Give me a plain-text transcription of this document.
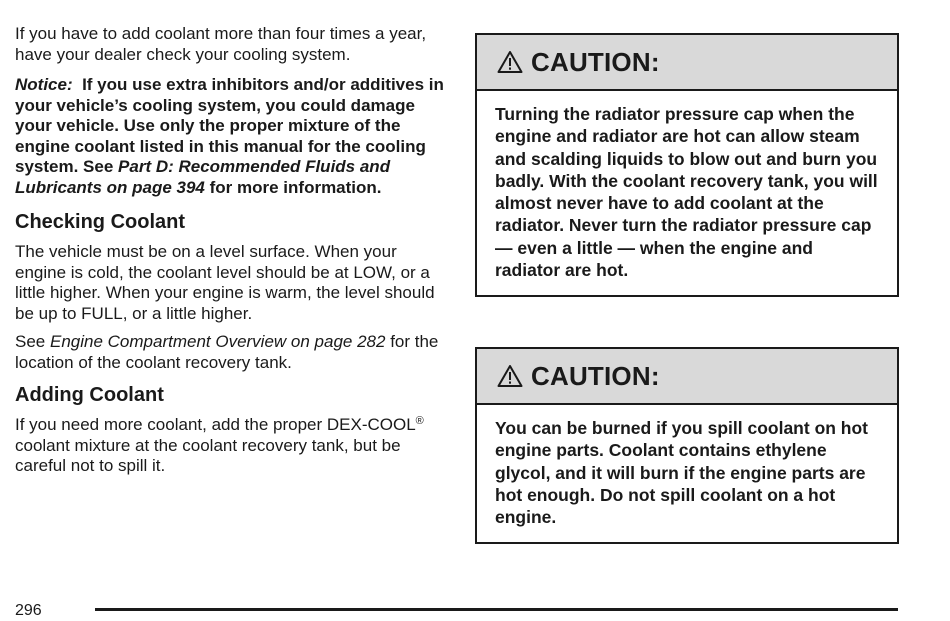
If you have to add coolant more than four times a year, have your dealer check your cooling system.

Notice: If you use extra inhibitors and/or additives in your vehicle’s cooling system, you could damage your vehicle. Use only the proper mixture of the engine coolant listed in this manual for the cooling system. See Part D: Recommended Fluids and Lubricants on page 394 for more information.

Checking Coolant

The vehicle must be on a level surface. When your engine is cold, the coolant level should be at LOW, or a little higher. When your engine is warm, the level should be up to FULL, or a little higher.

See Engine Compartment Overview on page 282 for the location of the coolant recovery tank.

Adding Coolant

If you need more coolant, add the proper DEX-COOL® coolant mixture at the coolant recovery tank, but be careful not to spill it.

CAUTION:
Turning the radiator pressure cap when the engine and radiator are hot can allow steam and scalding liquids to blow out and burn you badly. With the coolant recovery tank, you will almost never have to add coolant at the radiator. Never turn the radiator pressure cap — even a little — when the engine and radiator are hot.
CAUTION:
You can be burned if you spill coolant on hot engine parts. Coolant contains ethylene glycol, and it will burn if the engine parts are hot enough. Do not spill coolant on a hot engine.
296
